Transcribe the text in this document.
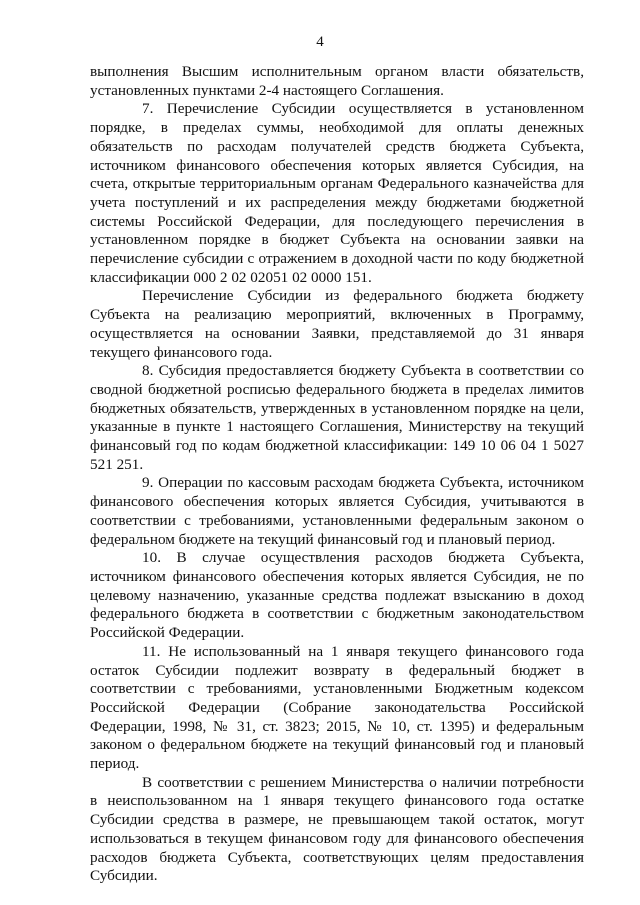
4

выполнения Высшим исполнительным органом власти обязательств, установленных пунктами 2-4 настоящего Соглашения.

7. Перечисление Субсидии осуществляется в установленном порядке, в пределах суммы, необходимой для оплаты денежных обязательств по расходам получателей средств бюджета Субъекта, источником финансового обеспечения которых является Субсидия, на счета, открытые территориальным органам Федерального казначейства для учета поступлений и их распределения между бюджетами бюджетной системы Российской Федерации, для последующего перечисления в установленном порядке в бюджет Субъекта на основании заявки на перечисление субсидии с отражением в доходной части по коду бюджетной классификации 000 2 02 02051 02 0000 151.

Перечисление Субсидии из федерального бюджета бюджету Субъекта на реализацию мероприятий, включенных в Программу, осуществляется на основании Заявки, представляемой до 31 января текущего финансового года.

8. Субсидия предоставляется бюджету Субъекта в соответствии со сводной бюджетной росписью федерального бюджета в пределах лимитов бюджетных обязательств, утвержденных в установленном порядке на цели, указанные в пункте 1 настоящего Соглашения, Министерству на текущий финансовый год по кодам бюджетной классификации: 149 10 06 04 1 5027 521 251.

9. Операции по кассовым расходам бюджета Субъекта, источником финансового обеспечения которых является Субсидия, учитываются в соответствии с требованиями, установленными федеральным законом о федеральном бюджете на текущий финансовый год и плановый период.

10. В случае осуществления расходов бюджета Субъекта, источником финансового обеспечения которых является Субсидия, не по целевому назначению, указанные средства подлежат взысканию в доход федерального бюджета в соответствии с бюджетным законодательством Российской Федерации.

11. Не использованный на 1 января текущего финансового года остаток Субсидии подлежит возврату в федеральный бюджет в соответствии с требованиями, установленными Бюджетным кодексом Российской Федерации (Собрание законодательства Российской Федерации, 1998, № 31, ст. 3823; 2015, № 10, ст. 1395) и федеральным законом о федеральном бюджете на текущий финансовый год и плановый период.

В соответствии с решением Министерства о наличии потребности в неиспользованном на 1 января текущего финансового года остатке Субсидии средства в размере, не превышающем такой остаток, могут использоваться в текущем финансовом году для финансового обеспечения расходов бюджета Субъекта, соответствующих целям предоставления Субсидии.
